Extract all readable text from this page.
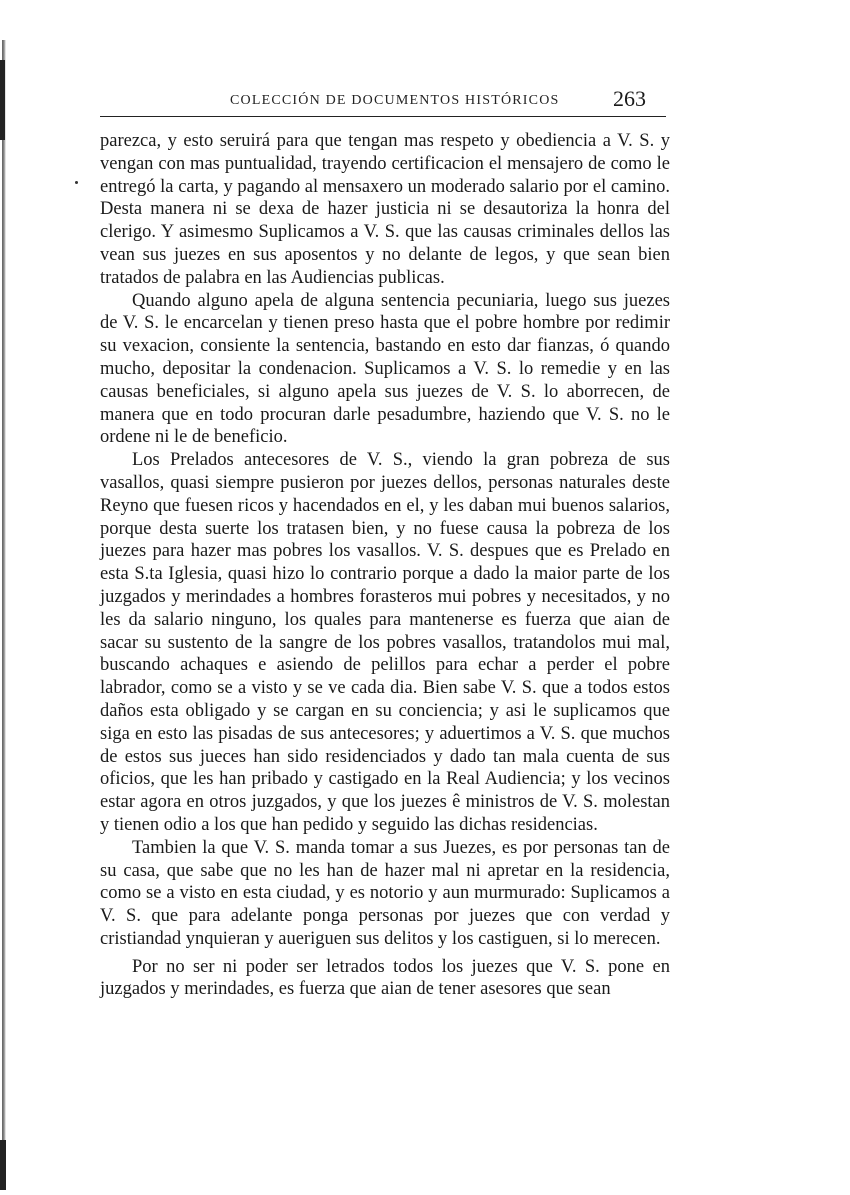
COLECCIÓN DE DOCUMENTOS HISTÓRICOS 263

parezca, y esto seruirá para que tengan mas respeto y obediencia a V. S. y vengan con mas puntualidad, trayendo certificacion el mensajero de como le entregó la carta, y pagando al mensaxero un moderado salario por el camino. Desta manera ni se dexa de hazer justicia ni se desautoriza la honra del clerigo. Y asimesmo Suplicamos a V. S. que las causas criminales dellos las vean sus juezes en sus aposentos y no delante de legos, y que sean bien tratados de palabra en las Audiencias publicas.

Quando alguno apela de alguna sentencia pecuniaria, luego sus juezes de V. S. le encarcelan y tienen preso hasta que el pobre hombre por redimir su vexacion, consiente la sentencia, bastando en esto dar fianzas, ó quando mucho, depositar la condenacion. Suplicamos a V. S. lo remedie y en las causas beneficiales, si alguno apela sus juezes de V. S. lo aborrecen, de manera que en todo procuran darle pesadumbre, haziendo que V. S. no le ordene ni le de beneficio.

Los Prelados antecesores de V. S., viendo la gran pobreza de sus vasallos, quasi siempre pusieron por juezes dellos, personas naturales deste Reyno que fuesen ricos y hacendados en el, y les daban mui buenos salarios, porque desta suerte los tratasen bien, y no fuese causa la pobreza de los juezes para hazer mas pobres los vasallos. V. S. despues que es Prelado en esta S.ta Iglesia, quasi hizo lo contrario porque a dado la maior parte de los juzgados y merindades a hombres forasteros mui pobres y necesitados, y no les da salario ninguno, los quales para mantenerse es fuerza que aian de sacar su sustento de la sangre de los pobres vasallos, tratandolos mui mal, buscando achaques e asiendo de pelillos para echar a perder el pobre labrador, como se a visto y se ve cada dia. Bien sabe V. S. que a todos estos daños esta obligado y se cargan en su conciencia; y asi le suplicamos que siga en esto las pisadas de sus antecesores; y aduertimos a V. S. que muchos de estos sus jueces han sido residenciados y dado tan mala cuenta de sus oficios, que les han pribado y castigado en la Real Audiencia; y los vecinos estar agora en otros juzgados, y que los juezes ê ministros de V. S. molestan y tienen odio a los que han pedido y seguido las dichas residencias.

Tambien la que V. S. manda tomar a sus Juezes, es por personas tan de su casa, que sabe que no les han de hazer mal ni apretar en la residencia, como se a visto en esta ciudad, y es notorio y aun murmurado: Suplicamos a V. S. que para adelante ponga personas por juezes que con verdad y cristiandad ynquieran y aueriguen sus delitos y los castiguen, si lo merecen.

Por no ser ni poder ser letrados todos los juezes que V. S. pone en juzgados y merindades, es fuerza que aian de tener asesores que sean
